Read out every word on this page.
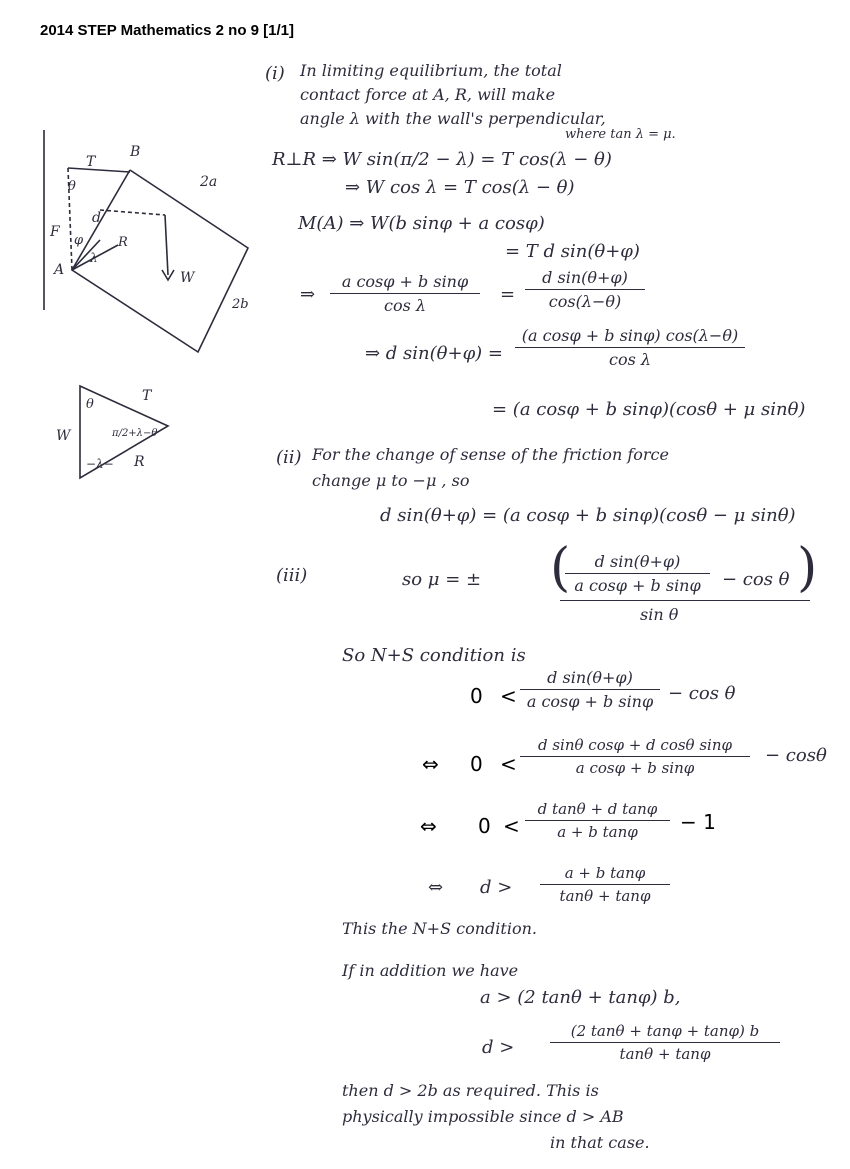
2014 STEP Mathematics 2 no 9 [1/1]
T
B
2a
θ
F
d
R
φ
A
λ
W
2b
θ
T
W	π/2+λ−θ
−λ− R
(i) In limiting equilibrium, the total
contact force at A, R, will make
angle λ with the wall's perpendicular,
where tan λ = μ.
R⊥R ⇒ W sin(π/2 − λ) = T cos(λ − θ)
⇒ W cos λ = T cos(λ − θ)
M(A) ⇒ W(b sinφ + a cosφ)
= T d sin(θ+φ)
⇒
a cosφ + b sinφ
cos λ
=
d sin(θ+φ)
cos(λ−θ)
⇒ d sin(θ+φ) =
(a cosφ + b sinφ) cos(λ−θ)
cos λ
= (a cosφ + b sinφ)(cosθ + μ sinθ)
(ii) For the change of sense of the friction force
change μ to −μ , so
d sin(θ+φ) = (a cosφ + b sinφ)(cosθ − μ sinθ)
(iii)	so μ = ± (	d sin(θ+φ)
a cosφ + b sinφ	− cos θ )
sin θ
So N+S condition is
0 <
d sin(θ+φ)
a cosφ + b sinφ − cos θ
⇔ 0 <
d sinθ cosφ + d cosθ sinφ
a cosφ + b sinφ
− cosθ
⇔ 0 <
d tanθ + d tanφ
a + b tanφ	− 1
⇔ d >
a + b tanφ
tanθ + tanφ
This the N+S condition.
If in addition we have
a > (2 tanθ + tanφ) b,
d >
(2 tanθ + tanφ + tanφ) b
tanθ + tanφ
then d > 2b as required. This is
physically impossible since d > AB
in that case.
